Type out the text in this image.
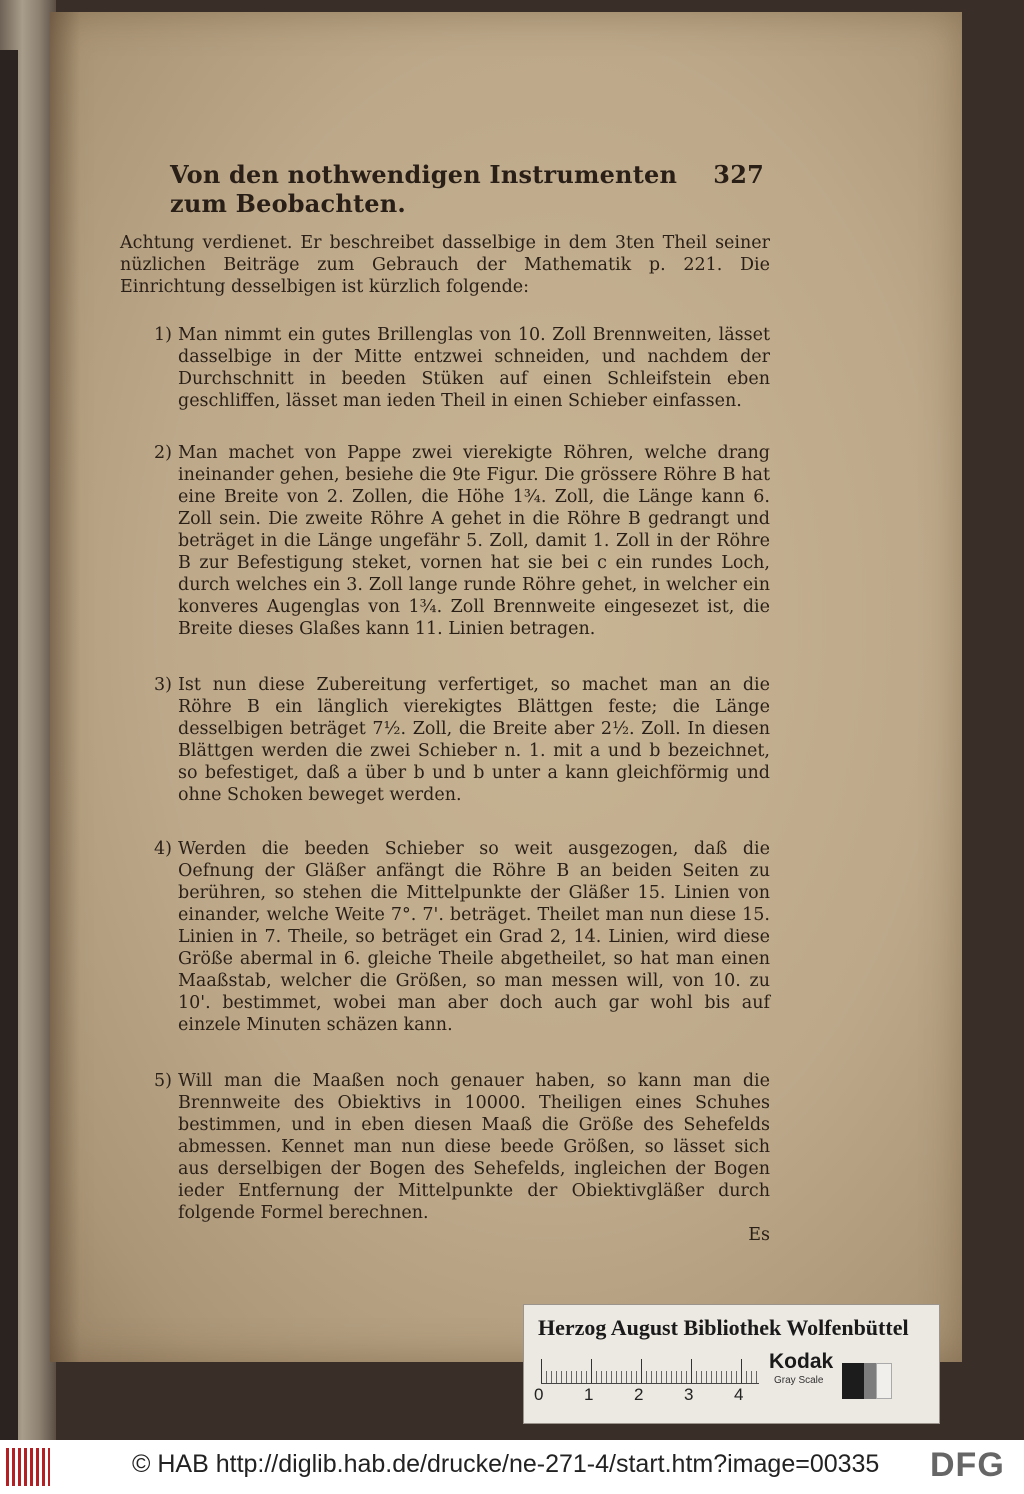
Von den nothwendigen Instrumenten zum Beobachten.
327
Achtung verdienet. Er beschreibet dasselbige in dem 3ten Theil seiner nüzlichen Beiträge zum Gebrauch der Mathematik p. 221. Die Einrichtung desselbigen ist kürzlich folgende:
1) Man nimmt ein gutes Brillenglas von 10. Zoll Brennweiten, lässet dasselbige in der Mitte entzwei schneiden, und nachdem der Durchschnitt in beeden Stüken auf einen Schleifstein eben geschliffen, lässet man ieden Theil in einen Schieber einfassen.
2) Man machet von Pappe zwei vierekigte Röhren, welche drang ineinander gehen, besiehe die 9te Figur. Die grössere Röhre B hat eine Breite von 2. Zollen, die Höhe 1¾. Zoll, die Länge kann 6. Zoll sein. Die zweite Röhre A gehet in die Röhre B gedrangt und beträget in die Länge ungefähr 5. Zoll, damit 1. Zoll in der Röhre B zur Befestigung steket, vornen hat sie bei c ein rundes Loch, durch welches ein 3. Zoll lange runde Röhre gehet, in welcher ein konveres Augenglas von 1¾. Zoll Brennweite eingesezet ist, die Breite dieses Glaßes kann 11. Linien betragen.
3) Ist nun diese Zubereitung verfertiget, so machet man an die Röhre B ein länglich vierekigtes Blättgen feste; die Länge desselbigen beträget 7½. Zoll, die Breite aber 2½. Zoll. In diesen Blättgen werden die zwei Schieber n. 1. mit a und b bezeichnet, so befestiget, daß a über b und b unter a kann gleichförmig und ohne Schoken beweget werden.
4) Werden die beeden Schieber so weit ausgezogen, daß die Oefnung der Gläßer anfängt die Röhre B an beiden Seiten zu berühren, so stehen die Mittelpunkte der Gläßer 15. Linien von einander, welche Weite 7°. 7'. beträget. Theilet man nun diese 15. Linien in 7. Theile, so beträget ein Grad 2, 14. Linien, wird diese Größe abermal in 6. gleiche Theile abgetheilet, so hat man einen Maaßstab, welcher die Größen, so man messen will, von 10. zu 10'. bestimmet, wobei man aber doch auch gar wohl bis auf einzele Minuten schäzen kann.
5) Will man die Maaßen noch genauer haben, so kann man die Brennweite des Obiektivs in 10000. Theiligen eines Schuhes bestimmen, und in eben diesen Maaß die Größe des Sehefelds abmessen. Kennet man nun diese beede Größen, so lässet sich aus derselbigen der Bogen des Sehefelds, ingleichen der Bogen ieder Entfernung der Mittelpunkte der Obiektivgläßer durch folgende Formel berechnen.
Es
Herzog August Bibliothek Wolfenbüttel
0 1 2 3 4
Kodak
Gray Scale
© HAB http://diglib.hab.de/drucke/ne-271-4/start.htm?image=00335 DFG
